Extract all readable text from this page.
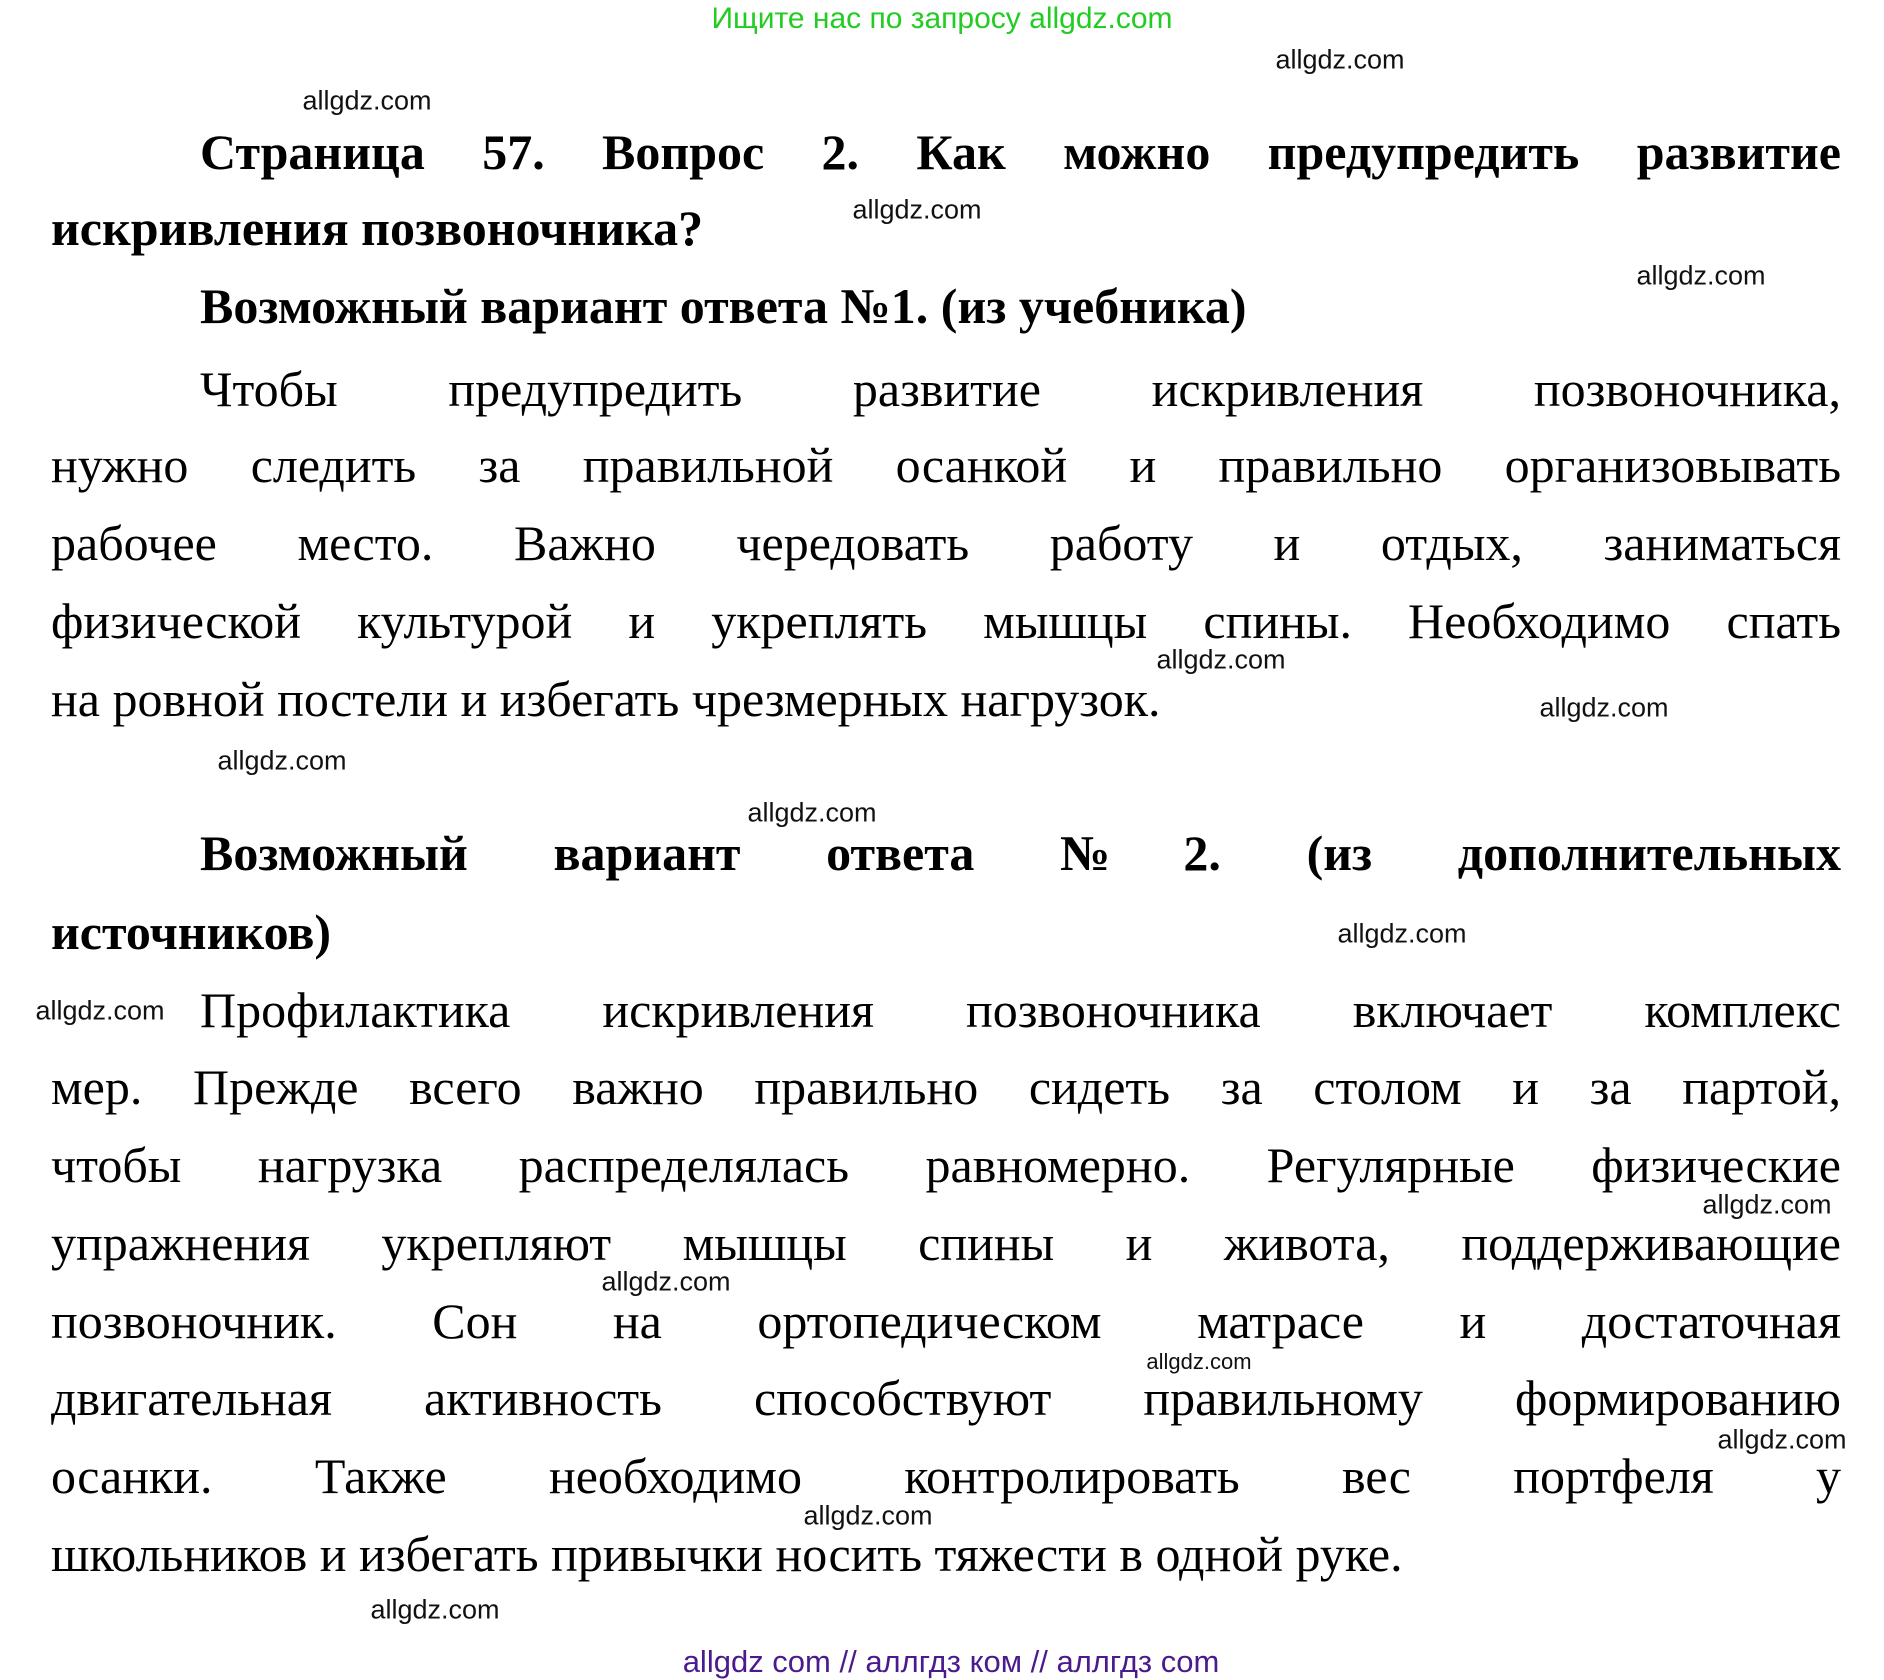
Ищите нас по запросу allgdz.com
Страница 57. Вопрос 2. Как можно предупредить развитие
искривления позвоночника?
Возможный вариант ответа №1. (из учебника)
Чтобы предупредить развитие искривления позвоночника,
нужно следить за правильной осанкой и правильно организовывать
рабочее место. Важно чередовать работу и отдых, заниматься
физической культурой и укреплять мышцы спины. Необходимо спать
на ровной постели и избегать чрезмерных нагрузок.
Возможный вариант ответа №2. (из дополнительных
источников)
Профилактика искривления позвоночника включает комплекс
мер. Прежде всего важно правильно сидеть за столом и за партой,
чтобы нагрузка распределялась равномерно. Регулярные физические
упражнения укрепляют мышцы спины и живота, поддерживающие
позвоночник. Сон на ортопедическом матрасе и достаточная
двигательная активность способствуют правильному формированию
осанки. Также необходимо контролировать вес портфеля у
школьников и избегать привычки носить тяжести в одной руке.
allgdz.com
allgdz.com
allgdz.com
allgdz.com
allgdz.com
allgdz.com
allgdz.com
allgdz.com
allgdz.com
allgdz.com
allgdz.com
allgdz.com
allgdz.com
allgdz.com
allgdz.com
allgdz.com
allgdz com // аллгдз ком // аллгдз com
